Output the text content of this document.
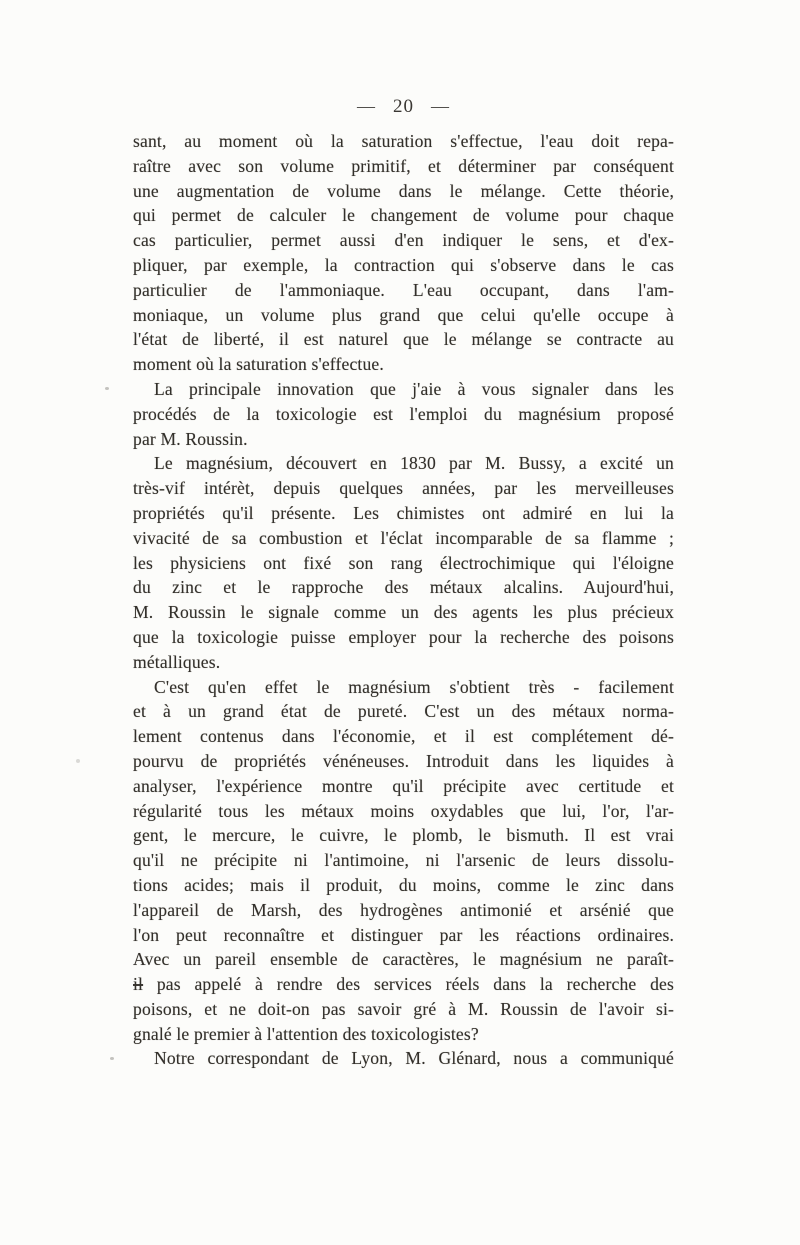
— 20 —
sant, au moment où la saturation s'effectue, l'eau doit repa-
raître avec son volume primitif, et déterminer par conséquent
une augmentation de volume dans le mélange. Cette théorie,
qui permet de calculer le changement de volume pour chaque
cas particulier, permet aussi d'en indiquer le sens, et d'ex-
pliquer, par exemple, la contraction qui s'observe dans le cas
particulier de l'ammoniaque. L'eau occupant, dans l'am-
moniaque, un volume plus grand que celui qu'elle occupe à
l'état de liberté, il est naturel que le mélange se contracte au
moment où la saturation s'effectue.
La principale innovation que j'aie à vous signaler dans les
procédés de la toxicologie est l'emploi du magnésium proposé
par M. Roussin.
Le magnésium, découvert en 1830 par M. Bussy, a excité un
très-vif intérèt, depuis quelques années, par les merveilleuses
propriétés qu'il présente. Les chimistes ont admiré en lui la
vivacité de sa combustion et l'éclat incomparable de sa flamme ;
les physiciens ont fixé son rang électrochimique qui l'éloigne
du zinc et le rapproche des métaux alcalins. Aujourd'hui,
M. Roussin le signale comme un des agents les plus précieux
que la toxicologie puisse employer pour la recherche des poisons
métalliques.
C'est qu'en effet le magnésium s'obtient très - facilement
et à un grand état de pureté. C'est un des métaux norma-
lement contenus dans l'économie, et il est complétement dé-
pourvu de propriétés vénéneuses. Introduit dans les liquides à
analyser, l'expérience montre qu'il précipite avec certitude et
régularité tous les métaux moins oxydables que lui, l'or, l'ar-
gent, le mercure, le cuivre, le plomb, le bismuth. Il est vrai
qu'il ne précipite ni l'antimoine, ni l'arsenic de leurs dissolu-
tions acides; mais il produit, du moins, comme le zinc dans
l'appareil de Marsh, des hydrogènes antimonié et arsénié que
l'on peut reconnaître et distinguer par les réactions ordinaires.
Avec un pareil ensemble de caractères, le magnésium ne paraît-
il pas appelé à rendre des services réels dans la recherche des
poisons, et ne doit-on pas savoir gré à M. Roussin de l'avoir si-
gnalé le premier à l'attention des toxicologistes?
Notre correspondant de Lyon, M. Glénard, nous a communiqué
